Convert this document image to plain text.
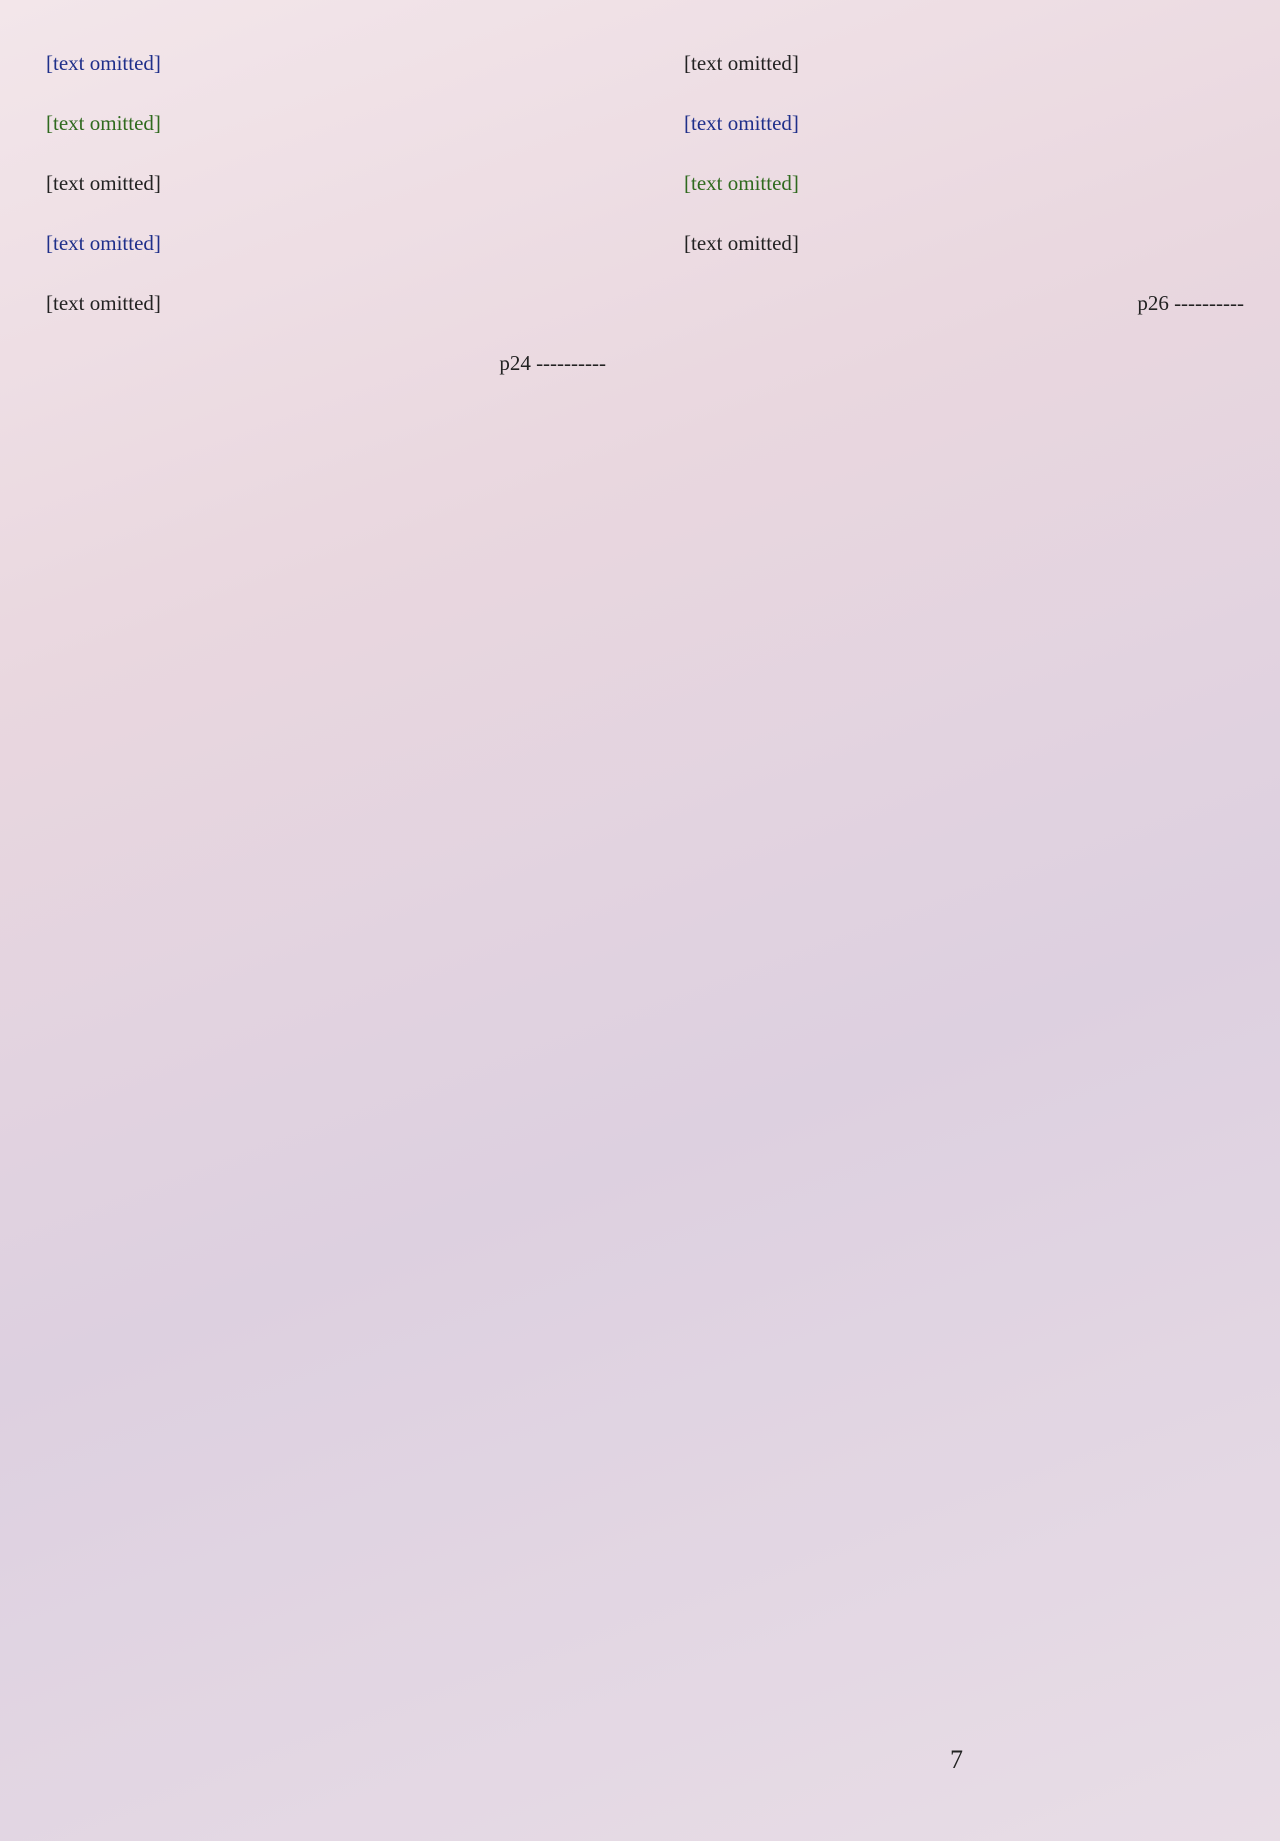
[text omitted]

[text omitted]

[text omitted]

[text omitted]

[text omitted]

p24 ----------

[text omitted]

[text omitted]

[text omitted]

[text omitted]

p26 ----------

7
